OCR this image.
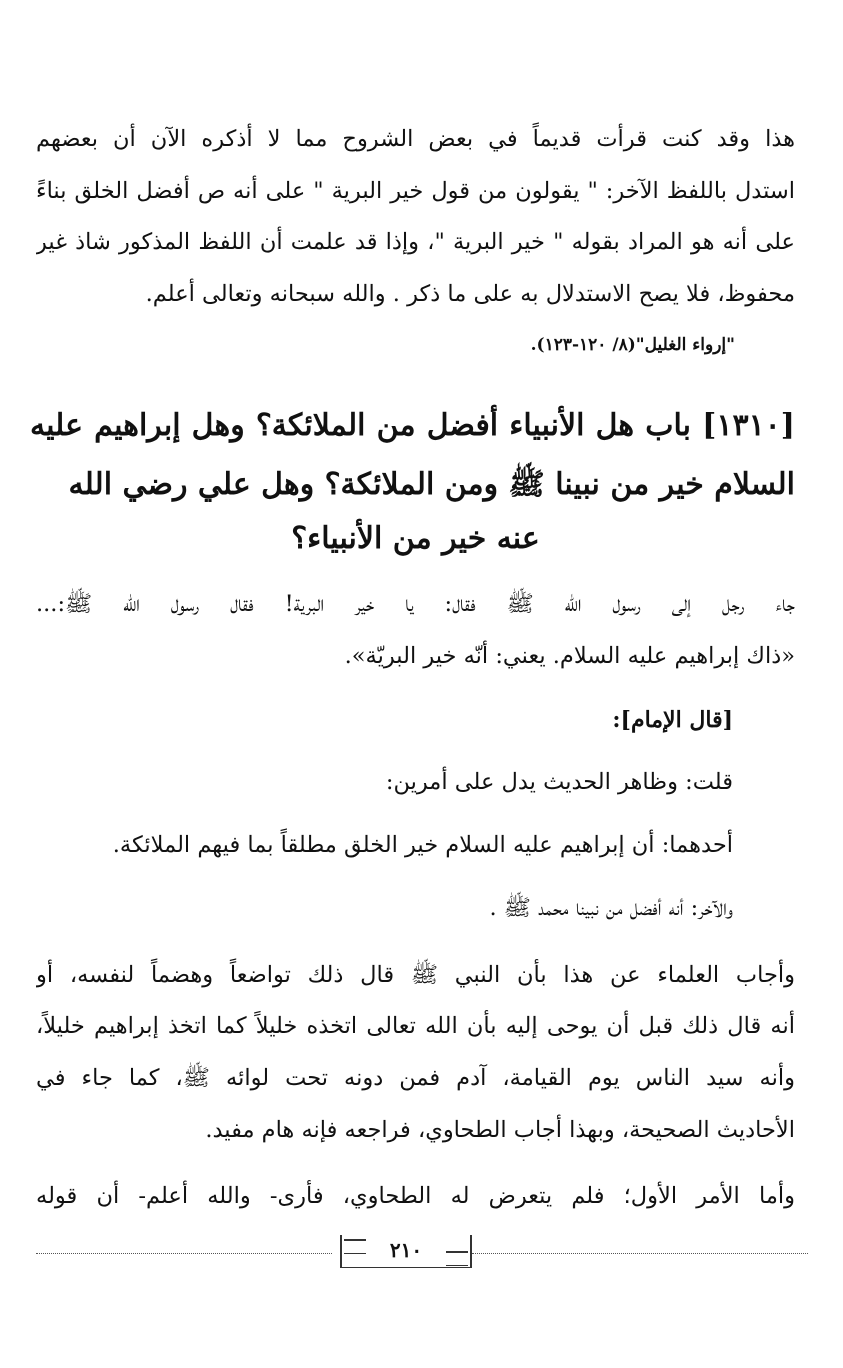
هذا وقد كنت قرأت قديماً في بعض الشروح مما لا أذكره الآن أن بعضهم
استدل باللفظ الآخر: " يقولون من قول خير البرية " على أنه ص أفضل الخلق بناءً
على أنه هو المراد بقوله " خير البرية "، وإذا قد علمت أن اللفظ المذكور شاذ غير
محفوظ، فلا يصح الاستدلال به على ما ذكر . والله سبحانه وتعالى أعلم.
"إرواء الغليل"(٨/ ١٢٠-١٢٣).
[١٣١٠] باب هل الأنبياء أفضل من الملائكة؟ وهل إبراهيم عليه
السلام خير من نبينا ﷺ ومن الملائكة؟ وهل علي رضي الله
عنه خير من الأنبياء؟
جاء رجل إلى رسول الله ﷺ فقال: يا خير البرية! فقال رسول الله ﷺ:...
«ذاك إبراهيم عليه السلام. يعني: أنّه خير البريّة».
[قال الإمام]:
قلت: وظاهر الحديث يدل على أمرين:
أحدهما: أن إبراهيم عليه السلام خير الخلق مطلقاً بما فيهم الملائكة.
والآخر: أنه أفضل من نبينا محمد ﷺ .
وأجاب العلماء عن هذا بأن النبي ﷺ قال ذلك تواضعاً وهضماً لنفسه، أو
أنه قال ذلك قبل أن يوحى إليه بأن الله تعالى اتخذه خليلاً كما اتخذ إبراهيم خليلاً،
وأنه سيد الناس يوم القيامة، آدم فمن دونه تحت لوائه ﷺ، كما جاء في
الأحاديث الصحيحة، وبهذا أجاب الطحاوي، فراجعه فإنه هام مفيد.
وأما الأمر الأول؛ فلم يتعرض له الطحاوي، فأرى- والله أعلم- أن قوله
٢١٠
